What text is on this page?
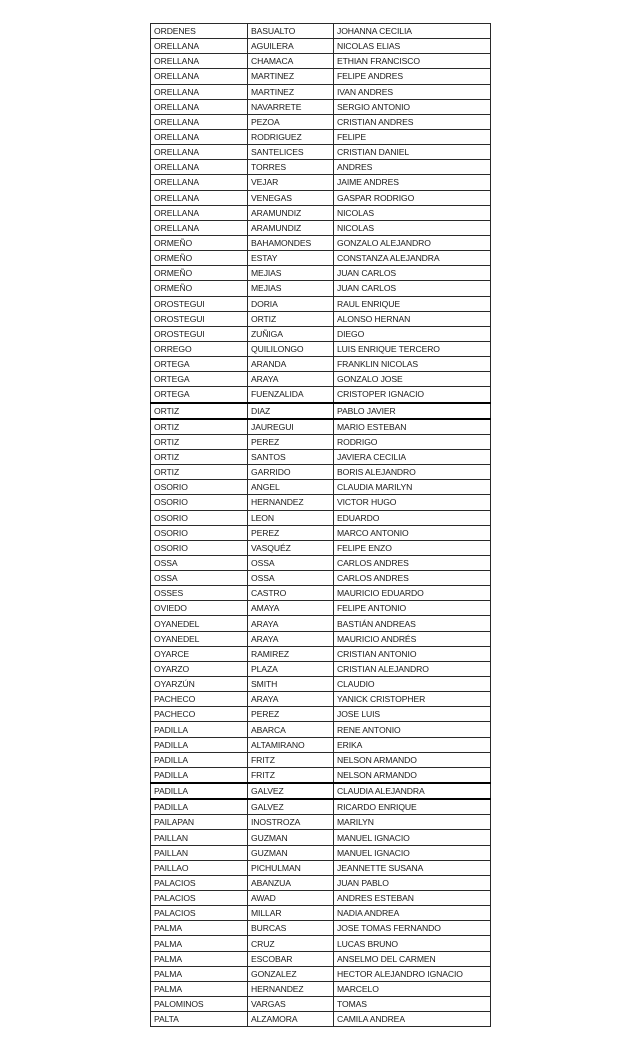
ORDENES	BASUALTO	JOHANNA CECILIA
ORELLANA	AGUILERA	NICOLAS ELIAS
ORELLANA	CHAMACA	ETHIAN FRANCISCO
ORELLANA	MARTINEZ	FELIPE ANDRES
ORELLANA	MARTINEZ	IVAN ANDRES
ORELLANA	NAVARRETE	SERGIO ANTONIO
ORELLANA	PEZOA	CRISTIAN ANDRES
ORELLANA	RODRIGUEZ	FELIPE
ORELLANA	SANTELICES	CRISTIAN DANIEL
ORELLANA	TORRES	ANDRES
ORELLANA	VEJAR	JAIME ANDRES
ORELLANA	VENEGAS	GASPAR RODRIGO
ORELLANA	ARAMUNDIZ	NICOLAS
ORELLANA	ARAMUNDIZ	NICOLAS
ORMEÑO	BAHAMONDES	GONZALO ALEJANDRO
ORMEÑO	ESTAY	CONSTANZA ALEJANDRA
ORMEÑO	MEJIAS	JUAN CARLOS
ORMEÑO	MEJIAS	JUAN CARLOS
OROSTEGUI	DORIA	RAUL ENRIQUE
OROSTEGUI	ORTIZ	ALONSO HERNAN
OROSTEGUI	ZUÑIGA	DIEGO
ORREGO	QUILILONGO	LUIS ENRIQUE TERCERO
ORTEGA	ARANDA	FRANKLIN NICOLAS
ORTEGA	ARAYA	GONZALO JOSE
ORTEGA	FUENZALIDA	CRISTOPER IGNACIO
ORTIZ	DIAZ	PABLO JAVIER
ORTIZ	JAUREGUI	MARIO ESTEBAN
ORTIZ	PEREZ	RODRIGO
ORTIZ	SANTOS	JAVIERA CECILIA
ORTIZ	GARRIDO	BORIS ALEJANDRO
OSORIO	ANGEL	CLAUDIA MARILYN
OSORIO	HERNANDEZ	VICTOR HUGO
OSORIO	LEON	EDUARDO
OSORIO	PEREZ	MARCO ANTONIO
OSORIO	VASQUÉZ	FELIPE ENZO
OSSA	OSSA	CARLOS ANDRES
OSSA	OSSA	CARLOS ANDRES
OSSES	CASTRO	MAURICIO EDUARDO
OVIEDO	AMAYA	FELIPE ANTONIO
OYANEDEL	ARAYA	BASTIÁN ANDREAS
OYANEDEL	ARAYA	MAURICIO ANDRÉS
OYARCE	RAMIREZ	CRISTIAN ANTONIO
OYARZO	PLAZA	CRISTIAN ALEJANDRO
OYARZÚN	SMITH	CLAUDIO
PACHECO	ARAYA	YANICK CRISTOPHER
PACHECO	PEREZ	JOSE LUIS
PADILLA	ABARCA	RENE ANTONIO
PADILLA	ALTAMIRANO	ERIKA
PADILLA	FRITZ	NELSON ARMANDO
PADILLA	FRITZ	NELSON ARMANDO
PADILLA	GALVEZ	CLAUDIA ALEJANDRA
PADILLA	GALVEZ	RICARDO ENRIQUE
PAILAPAN	INOSTROZA	MARILYN
PAILLAN	GUZMAN	MANUEL IGNACIO
PAILLAN	GUZMAN	MANUEL IGNACIO
PAILLAO	PICHULMAN	JEANNETTE SUSANA
PALACIOS	ABANZUA	JUAN PABLO
PALACIOS	AWAD	ANDRES ESTEBAN
PALACIOS	MILLAR	NADIA ANDREA
PALMA	BURCAS	JOSE TOMAS FERNANDO
PALMA	CRUZ	LUCAS BRUNO
PALMA	ESCOBAR	ANSELMO DEL CARMEN
PALMA	GONZALEZ	HECTOR ALEJANDRO IGNACIO
PALMA	HERNANDEZ	MARCELO
PALOMINOS	VARGAS	TOMAS
PALTA	ALZAMORA	CAMILA ANDREA
